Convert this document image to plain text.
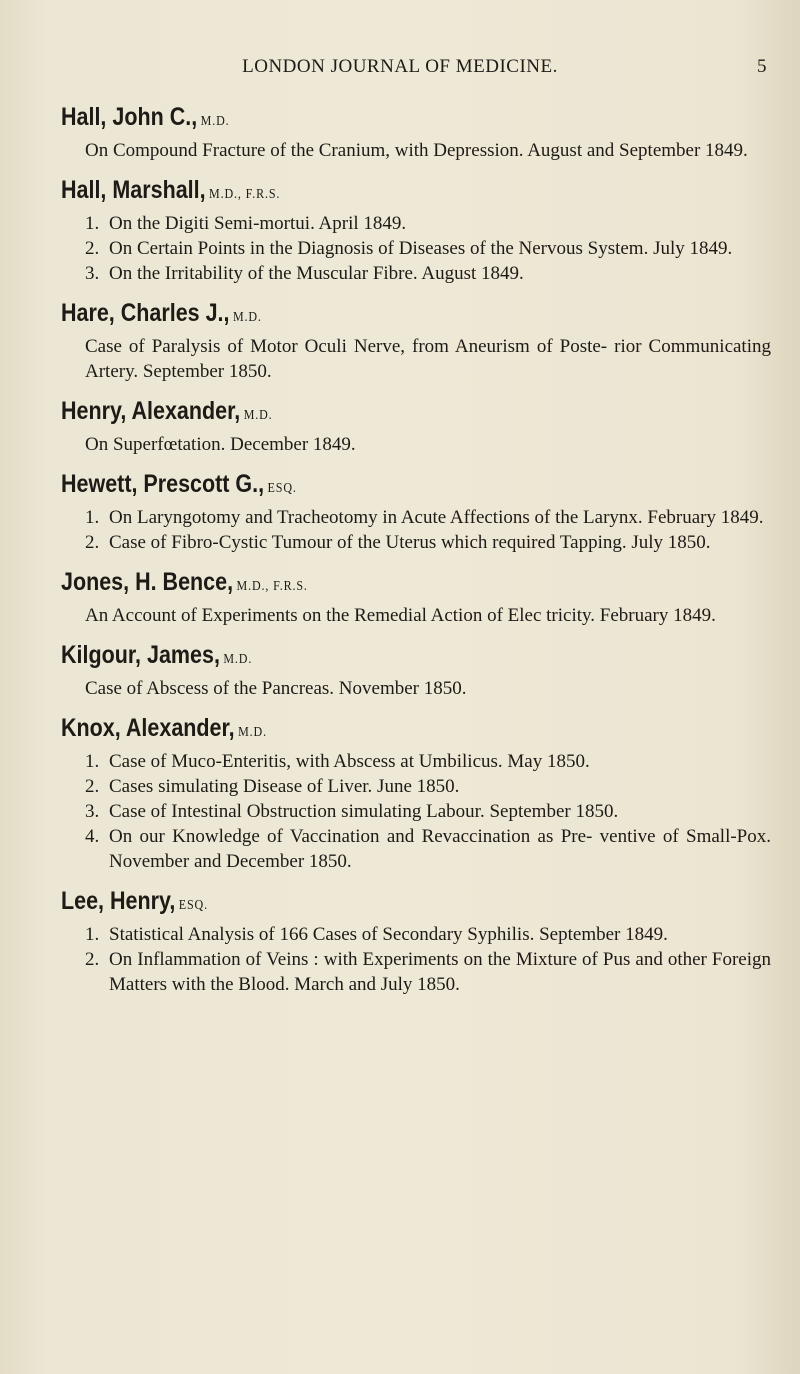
LONDON JOURNAL OF MEDICINE.	5
Hall, John C., M.D.
On Compound Fracture of the Cranium, with Depression. August and September 1849.
Hall, Marshall, M.D., F.R.S.
1. On the Digiti Semi-mortui. April 1849.
2. On Certain Points in the Diagnosis of Diseases of the Nervous System. July 1849.
3. On the Irritability of the Muscular Fibre. August 1849.
Hare, Charles J., M.D.
Case of Paralysis of Motor Oculi Nerve, from Aneurism of Poste- rior Communicating Artery. September 1850.
Henry, Alexander, M.D.
On Superfœtation. December 1849.
Hewett, Prescott G., ESQ.
1. On Laryngotomy and Tracheotomy in Acute Affections of the Larynx. February 1849.
2. Case of Fibro-Cystic Tumour of the Uterus which required Tapping. July 1850.
Jones, H. Bence, M.D., F.R.S.
An Account of Experiments on the Remedial Action of Elec tricity. February 1849.
Kilgour, James, M.D.
Case of Abscess of the Pancreas. November 1850.
Knox, Alexander, M.D.
1. Case of Muco-Enteritis, with Abscess at Umbilicus. May 1850.
2. Cases simulating Disease of Liver. June 1850.
3. Case of Intestinal Obstruction simulating Labour. September 1850.
4. On our Knowledge of Vaccination and Revaccination as Pre- ventive of Small-Pox. November and December 1850.
Lee, Henry, ESQ.
1. Statistical Analysis of 166 Cases of Secondary Syphilis. September 1849.
2. On Inflammation of Veins : with Experiments on the Mixture of Pus and other Foreign Matters with the Blood. March and July 1850.
